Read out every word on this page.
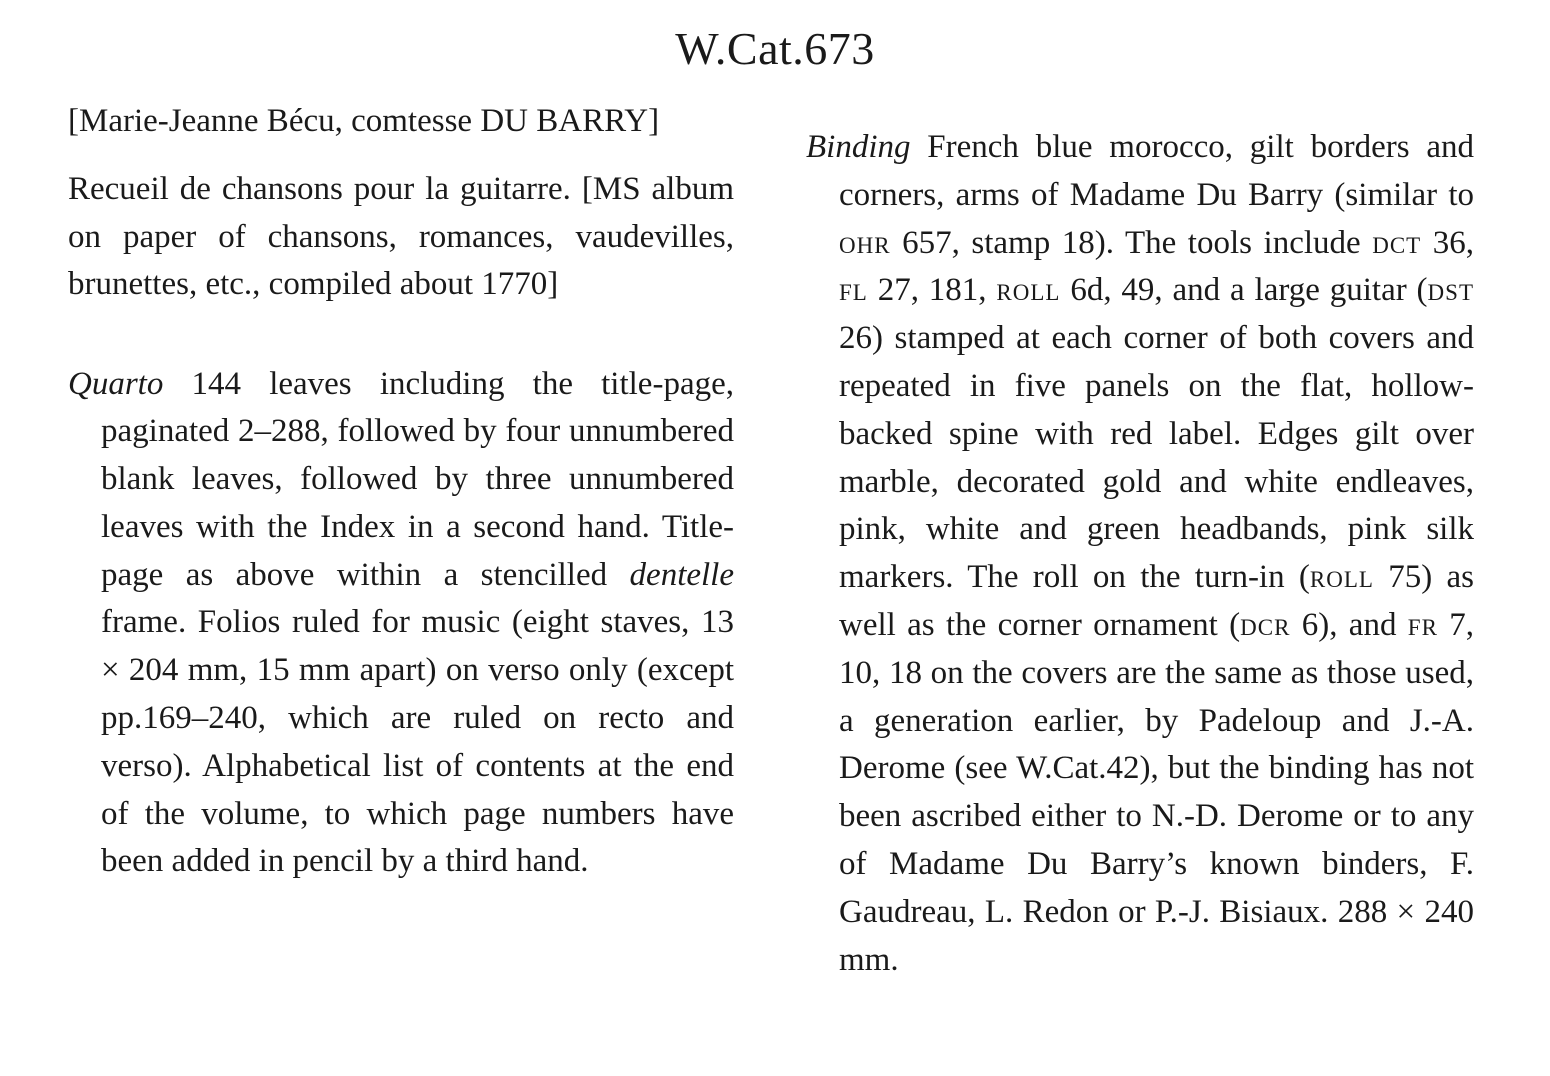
W.Cat.673

[Marie-Jeanne Bécu, comtesse DU BARRY]

Recueil de chansons pour la guitarre. [MS album on paper of chansons, romances, vaudevilles, brunettes, etc., compiled about 1770]

Quarto 144 leaves including the title-page, paginated 2–288, followed by four unnumbered blank leaves, followed by three unnumbered leaves with the Index in a second hand. Title-page as above within a stencilled dentelle frame. Folios ruled for music (eight staves, 13 × 204 mm, 15 mm apart) on verso only (except pp.169–240, which are ruled on recto and verso). Alphabetical list of contents at the end of the volume, to which page numbers have been added in pencil by a third hand.

Binding French blue morocco, gilt borders and corners, arms of Madame Du Barry (similar to ohr 657, stamp 18). The tools include dct 36, fl 27, 181, roll 6d, 49, and a large guitar (dst 26) stamped at each corner of both covers and repeated in five panels on the flat, hollow-backed spine with red label. Edges gilt over marble, decorated gold and white endleaves, pink, white and green headbands, pink silk markers. The roll on the turn-in (roll 75) as well as the corner ornament (dcr 6), and fr 7, 10, 18 on the covers are the same as those used, a generation earlier, by Padeloup and J.-A. Derome (see W.Cat.42), but the binding has not been ascribed either to N.-D. Derome or to any of Madame Du Barry’s known binders, F. Gaudreau, L. Redon or P.-J. Bisiaux. 288 × 240 mm.
